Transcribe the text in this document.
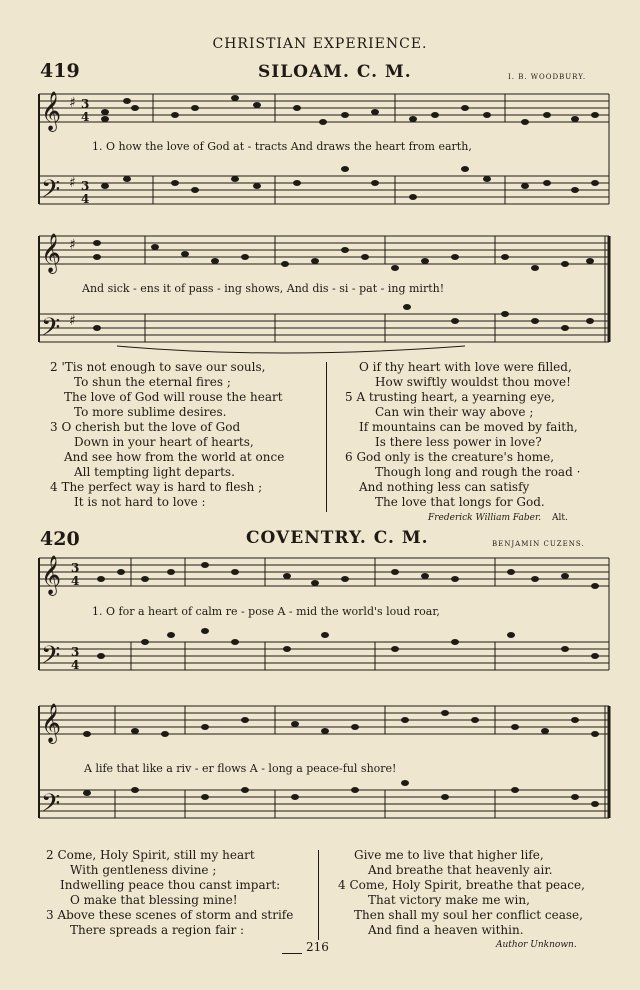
CHRISTIAN EXPERIENCE.
419	SILOAM. C. M.	I. B. WOODBURY.
𝄞
𝄢
♯
♯
3
4
3
4
1. O how the love of God at - tracts And draws the heart from earth,
𝄞
𝄢
♯
♯
And sick - ens it of pass - ing shows, And dis - si - pat - ing mirth!

2 'Tis not enough to save our souls,

To shun the eternal fires ;

The love of God will rouse the heart

To more sublime desires.

3 O cherish but the love of God

Down in your heart of hearts,

And see how from the world at once

All tempting light departs.

4 The perfect way is hard to flesh ;

It is not hard to love :

O if thy heart with love were filled,

How swiftly wouldst thou move!

5 A trusting heart, a yearning eye,

Can win their way above ;

If mountains can be moved by faith,

Is there less power in love?

6 God only is the creature's home,

Though long and rough the road ·

And nothing less can satisfy

The love that longs for God.

Frederick William Faber. Alt.
420	COVENTRY. C. M.	BENJAMIN CUZENS.
𝄞
𝄢
3
4
3
4
1. O for a heart of calm re - pose A - mid the world's loud roar,
𝄞
𝄢
A life that like a riv - er flows A - long a peace-ful shore!

2 Come, Holy Spirit, still my heart

With gentleness divine ;

Indwelling peace thou canst impart:

O make that blessing mine!

3 Above these scenes of storm and strife

There spreads a region fair :

Give me to live that higher life,

And breathe that heavenly air.

4 Come, Holy Spirit, breathe that peace,

That victory make me win,

Then shall my soul her conflict cease,

And find a heaven within.

216	Author Unknown.
